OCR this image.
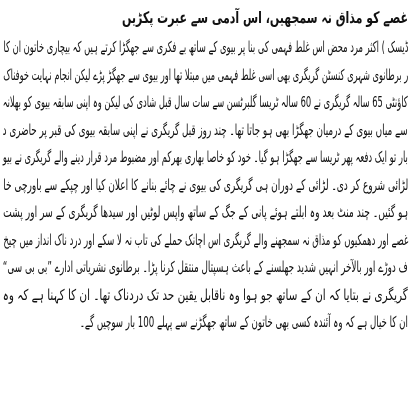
غصے کو مذاق نہ سمجھیں، اس آدمی سے عبرت پکڑیں
ڈیسک ) اکثر مرد محض اس غلط فہمی کی بنا پر بیوی کے ساتھ بے فکری سے جھگڑا کرتے ہیں کہ بیچاری خاتون ان کا
ر برطانوی شہری کنسٹن گریگری بھی اسی غلط فہمی میں مبتلا تھا اور بیوی سے جھگڑ پڑے لیکن انجام نہایت خوفناک
کاؤنٹی 65 سالہ گریگری نے 60 سالہ ٹریسا گلبرٹسن سے سات سال قبل شادی کی لیکن وہ اپنی سابقہ بیوی کو بھلانہ
سے میاں بیوی کے درمیان جھگڑا بھی ہو جاتا تھا۔ چند روز قبل گریگری نے اپنی سابقہ بیوی کی قبر پر حاضری د
بار تو ایک دفعہ پھر ٹریسا سے جھگڑا ہو گیا۔ خود کو خاصا بھاری بھرکم اور مضبوط مرد قرار دینے والے گریگری نے بیو
لڑائی شروع کر دی۔ لڑائی کے دوران ہی گریگری کی بیوی نے چائے بنانے کا اعلان کیا اور چپکے سے باورچی خا
ہو گئیں۔ چند منٹ بعد وہ ابلتے ہوئے پانی کے جگ کے ساتھ واپس لوٹیں اور سیدھا گریگری کے سر اور پشت
غصے اور دھمکیوں کو مذاق نہ سمجھنے والے گریگری اس اچانک حملے کی تاب نہ لا سکے اور درد ناک انداز میں چیخ
ف دوڑے اور بالآخر انہیں شدید جھلسنے کے باعث ہسپتال منتقل کرنا پڑا۔ برطانوی نشریاتی ادارے ”بی بی سی“
گریگری نے بتایا کہ ان کے ساتھ جو ہوا وہ ناقابل یقین حد تک دردناک تھا۔ ان کا کہنا ہے کہ وہ
ان کا خیال ہے کہ وہ آئندہ کسی بھی خاتون کے ساتھ جھگڑنے سے پہلے 100 بار سوچیں گے۔
